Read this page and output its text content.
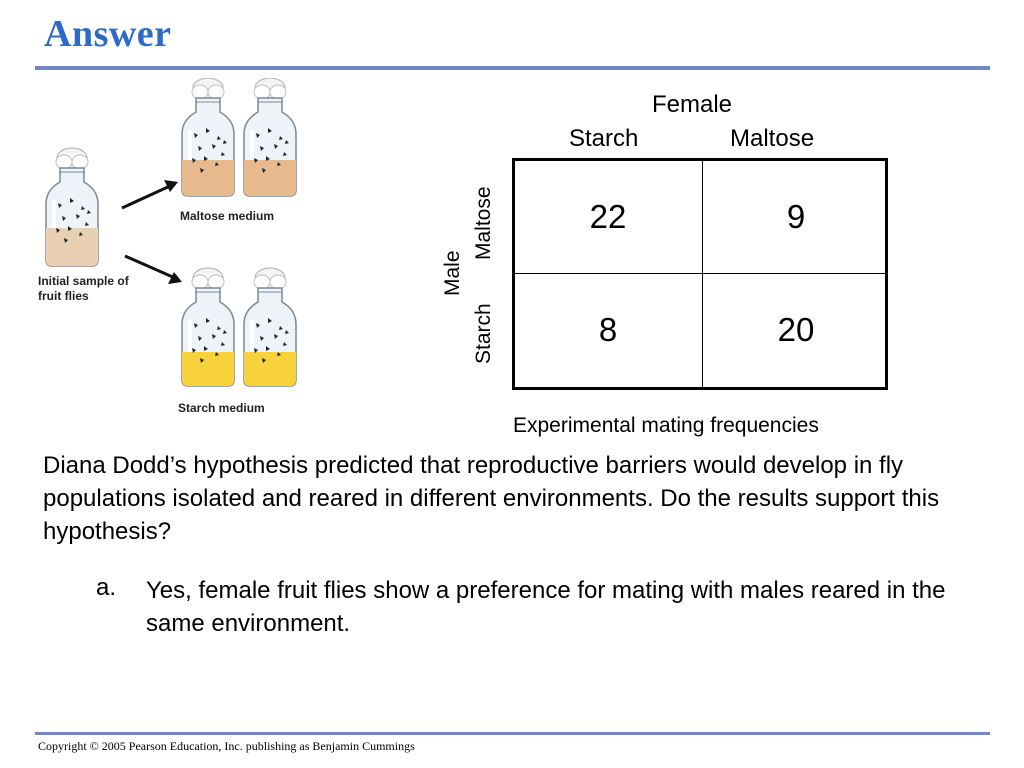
Answer
Maltose medium
Initial sample of fruit flies
Starch medium
Female
Starch	Maltose
Male
Maltose
Starch
22	9
8	20
Experimental mating frequencies
Diana Dodd’s hypothesis predicted that reproductive barriers would develop in fly populations isolated and reared in different environments. Do the results support this hypothesis?
a. Yes, female fruit flies show a preference for mating with males reared in the same environment.
Copyright © 2005 Pearson Education, Inc. publishing as Benjamin Cummings
